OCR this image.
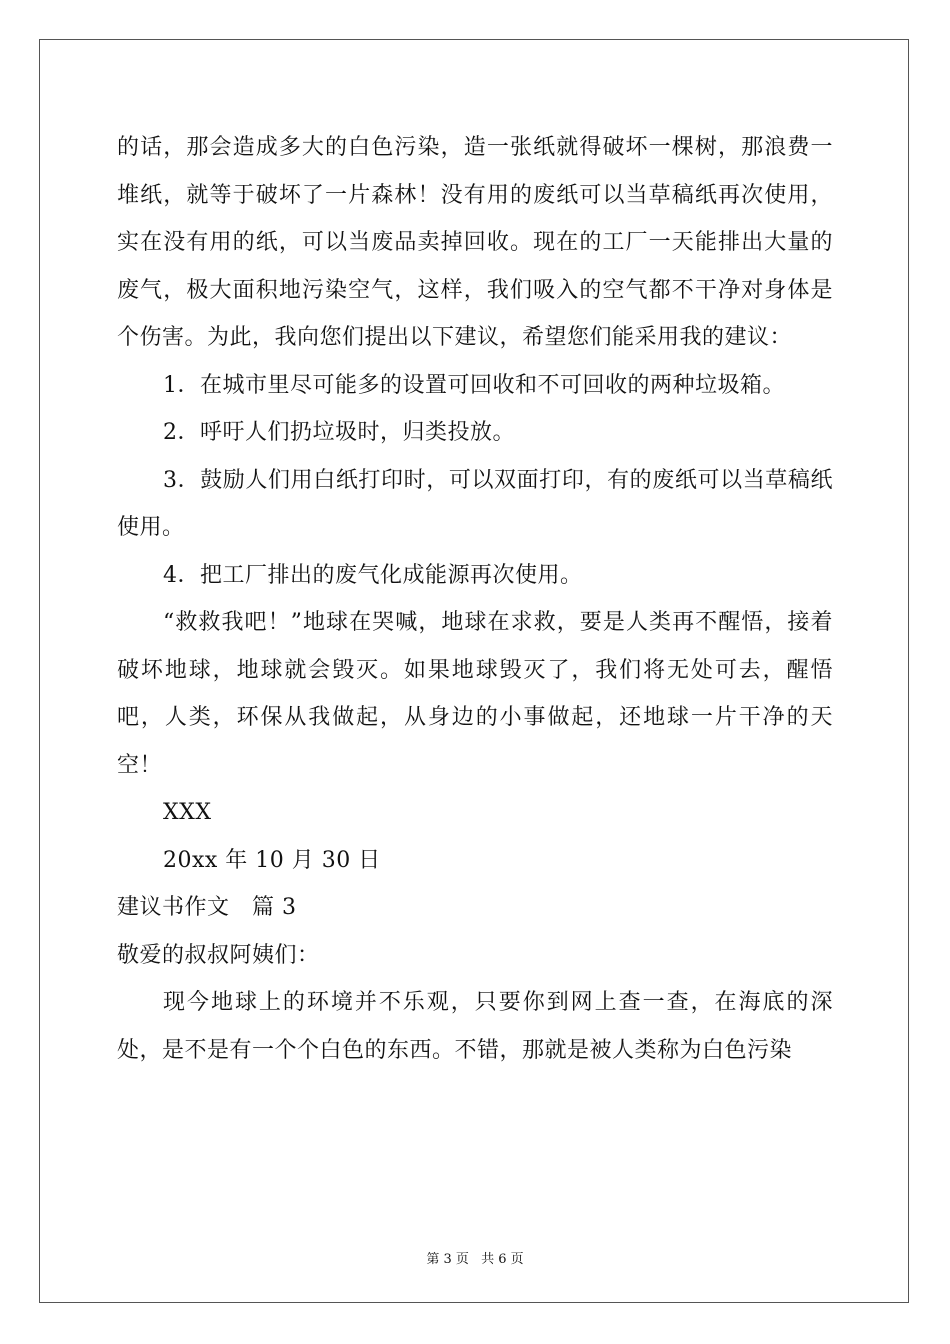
的话，那会造成多大的白色污染，造一张纸就得破坏一棵树，那浪费一堆纸，就等于破坏了一片森林！没有用的废纸可以当草稿纸再次使用，实在没有用的纸，可以当废品卖掉回收。现在的工厂一天能排出大量的废气，极大面积地污染空气，这样，我们吸入的空气都不干净对身体是个伤害。为此，我向您们提出以下建议，希望您们能采用我的建议：

1．在城市里尽可能多的设置可回收和不可回收的两种垃圾箱。

2．呼吁人们扔垃圾时，归类投放。

3．鼓励人们用白纸打印时，可以双面打印，有的废纸可以当草稿纸使用。

4．把工厂排出的废气化成能源再次使用。

“救救我吧！”地球在哭喊，地球在求救，要是人类再不醒悟，接着破坏地球，地球就会毁灭。如果地球毁灭了，我们将无处可去，醒悟吧，人类，环保从我做起，从身边的小事做起，还地球一片干净的天空！

XXX

20xx 年 10 月 30 日

建议书作文　篇 3

敬爱的叔叔阿姨们：

现今地球上的环境并不乐观，只要你到网上查一查，在海底的深处，是不是有一个个白色的东西。不错，那就是被人类称为白色污染

第 3 页 共 6 页
